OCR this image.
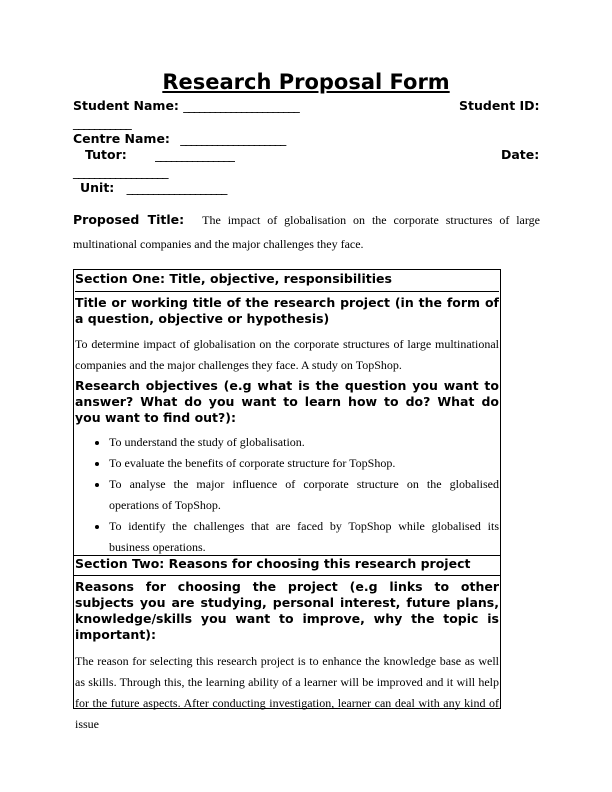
Research Proposal Form
Student Name: ______________________	Student ID:
___________
Centre Name: ____________________
Tutor: _______________	Date:
__________________
Unit: ___________________
Proposed Title: The impact of globalisation on the corporate structures of large multinational companies and the major challenges they face.
Section One: Title, objective, responsibilities
Title or working title of the research project (in the form of a question, objective or hypothesis)
To determine impact of globalisation on the corporate structures of large multinational companies and the major challenges they face. A study on TopShop.
Research objectives (e.g what is the question you want to answer? What do you want to learn how to do? What do you want to find out?):
• To understand the study of globalisation.
• To evaluate the benefits of corporate structure for TopShop.
• To analyse the major influence of corporate structure on the globalised operations of TopShop.
• To identify the challenges that are faced by TopShop while globalised its business operations.
Section Two: Reasons for choosing this research project
Reasons for choosing the project (e.g links to other subjects you are studying, personal interest, future plans, knowledge/skills you want to improve, why the topic is important):
The reason for selecting this research project is to enhance the knowledge base as well as skills. Through this, the learning ability of a learner will be improved and it will help for the future aspects. After conducting investigation, learner can deal with any kind of issue
